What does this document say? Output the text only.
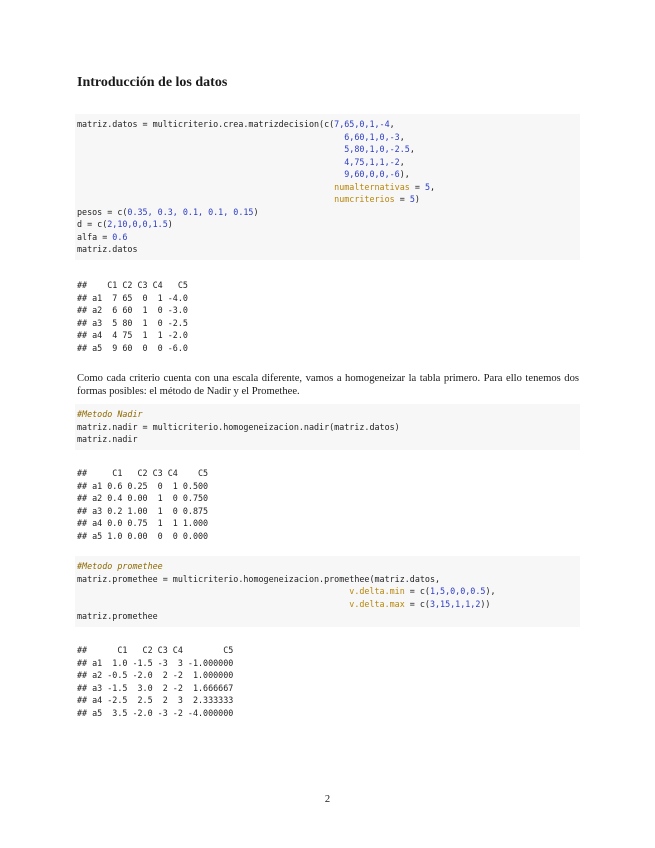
Introducción de los datos
matriz.datos = multicriterio.crea.matrizdecision(c(7,65,0,1,-4,
6,60,1,0,-3,
5,80,1,0,-2.5,
4,75,1,1,-2,
9,60,0,0,-6),
numalternativas = 5,
numcriterios = 5)
pesos = c(0.35, 0.3, 0.1, 0.1, 0.15)
d = c(2,10,0,0,1.5)
alfa = 0.6
matriz.datos
##    C1 C2 C3 C4   C5
## a1  7 65  0  1 -4.0
## a2  6 60  1  0 -3.0
## a3  5 80  1  0 -2.5
## a4  4 75  1  1 -2.0
## a5  9 60  0  0 -6.0

Como cada criterio cuenta con una escala diferente, vamos a homogeneizar la tabla primero. Para ello tenemos dos formas posibles: el método de Nadir y el Promethee.

#Metodo Nadir
matriz.nadir = multicriterio.homogeneizacion.nadir(matriz.datos)
matriz.nadir
##     C1   C2 C3 C4    C5
## a1 0.6 0.25  0  1 0.500
## a2 0.4 0.00  1  0 0.750
## a3 0.2 1.00  1  0 0.875
## a4 0.0 0.75  1  1 1.000
## a5 1.0 0.00  0  0 0.000
#Metodo promethee
matriz.promethee = multicriterio.homogeneizacion.promethee(matriz.datos,
v.delta.min = c(1,5,0,0,0.5),
v.delta.max = c(3,15,1,1,2))
matriz.promethee
##      C1   C2 C3 C4        C5
## a1  1.0 -1.5 -3  3 -1.000000
## a2 -0.5 -2.0  2 -2  1.000000
## a3 -1.5  3.0  2 -2  1.666667
## a4 -2.5  2.5  2  3  2.333333
## a5  3.5 -2.0 -3 -2 -4.000000
2
